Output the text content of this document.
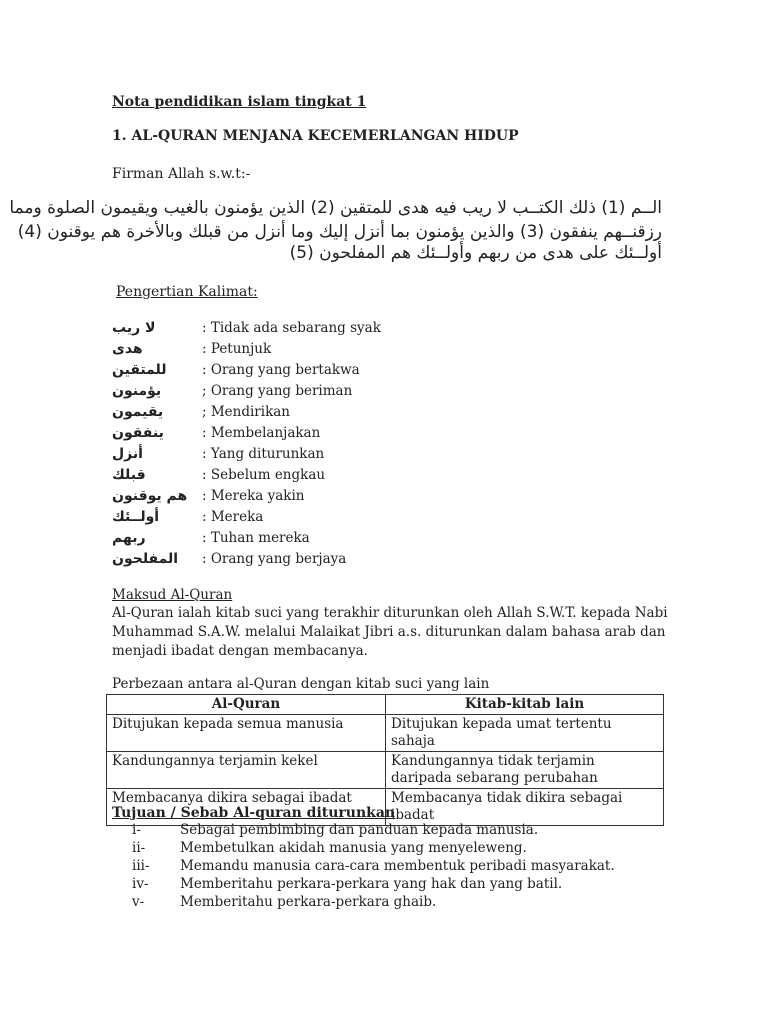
Nota pendidikan islam tingkat 1
1. AL-QURAN MENJANA KECEMERLANGAN HIDUP
Firman Allah s.w.t:-
الــم (1) ذلك الكتــب لا ريب فيه هدى للمتقين (2) الذين يؤمنون بالغيب ويقيمون الصلوة ومما
رزقنــهم ينفقون (3) والذين يؤمنون بما أنزل إليك وما أنزل من قبلك وبالأخرة هم يوقنون (4)
أولــئك على هدى من ربهم وأولــئك هم المفلحون (5)
Pengertian Kalimat:
لا ريب	: Tidak ada sebarang syak
هدى	: Petunjuk
للمتقين	: Orang yang bertakwa
يؤمنون	; Orang yang beriman
يقيمون	; Mendirikan
ينفقون	: Membelanjakan
أنزل	: Yang diturunkan
قبلك	: Sebelum engkau
هم يوقنون	: Mereka yakin
أولــئك	: Mereka
ربهم	: Tuhan mereka
المفلحون	: Orang yang berjaya
Maksud Al-Quran
Al-Quran ialah kitab suci yang terakhir diturunkan oleh Allah S.W.T. kepada Nabi
Muhammad S.A.W. melalui Malaikat Jibri a.s. diturunkan dalam bahasa arab dan
menjadi ibadat dengan membacanya.
Perbezaan antara al-Quran dengan kitab suci yang lain
Al-Quran	Kitab-kitab lain
Ditujukan kepada semua manusia	Ditujukan kepada umat tertentu sahaja
Kandungannya terjamin kekel	Kandungannya tidak terjamin daripada sebarang perubahan
Membacanya dikira sebagai ibadat	Membacanya tidak dikira sebagai ibadat
Tujuan / Sebab Al-quran diturunkan
i-	Sebagai pembimbing dan panduan kepada manusia.
ii-	Membetulkan akidah manusia yang menyeleweng.
iii- Memandu manusia cara-cara membentuk peribadi masyarakat.
iv- Memberitahu perkara-perkara yang hak dan yang batil.
v-	Memberitahu perkara-perkara ghaib.
